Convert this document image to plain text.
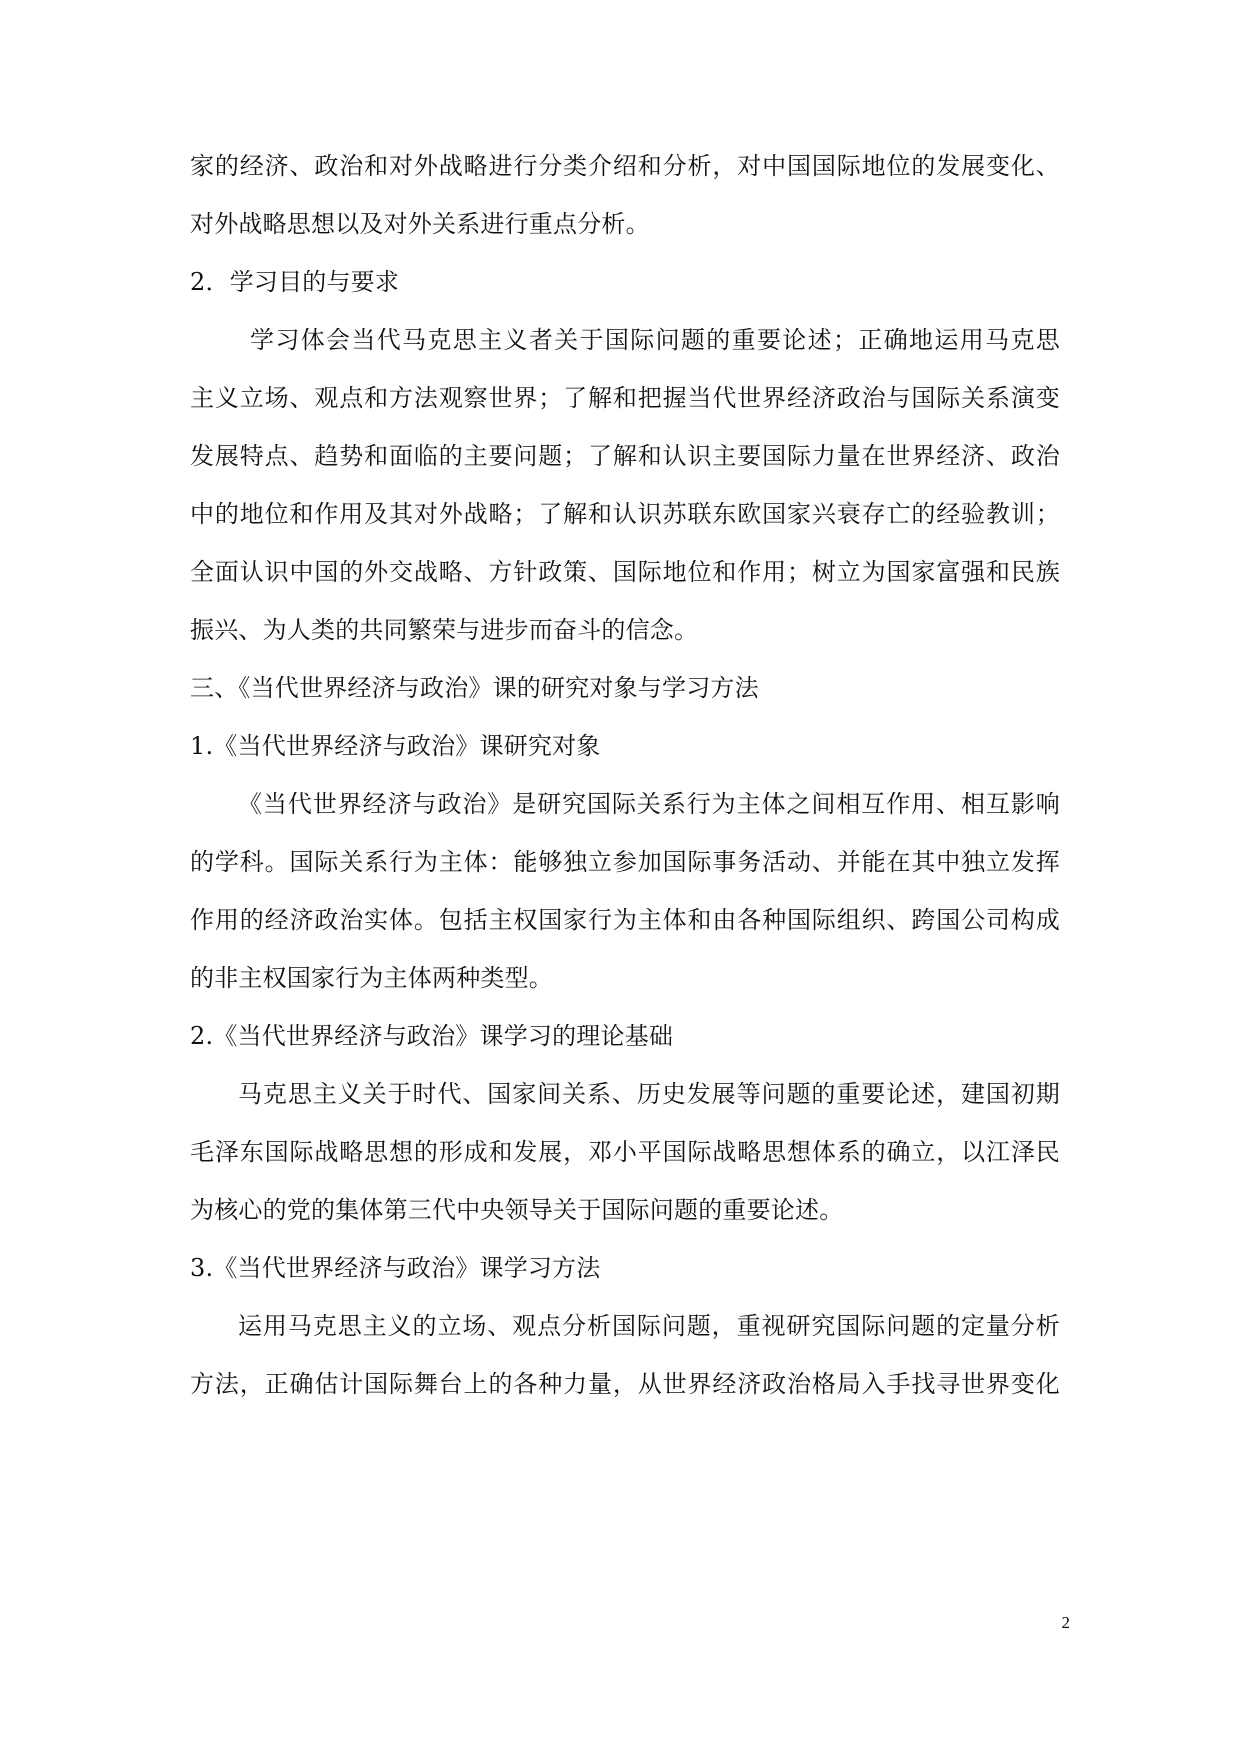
家的经济、政治和对外战略进行分类介绍和分析，对中国国际地位的发展变化、
对外战略思想以及对外关系进行重点分析。
2．学习目的与要求
学习体会当代马克思主义者关于国际问题的重要论述；正确地运用马克思
主义立场、观点和方法观察世界；了解和把握当代世界经济政治与国际关系演变
发展特点、趋势和面临的主要问题；了解和认识主要国际力量在世界经济、政治
中的地位和作用及其对外战略；了解和认识苏联东欧国家兴衰存亡的经验教训；
全面认识中国的外交战略、方针政策、国际地位和作用；树立为国家富强和民族
振兴、为人类的共同繁荣与进步而奋斗的信念。
三、《当代世界经济与政治》课的研究对象与学习方法
1.《当代世界经济与政治》课研究对象
《当代世界经济与政治》是研究国际关系行为主体之间相互作用、相互影响
的学科。国际关系行为主体：能够独立参加国际事务活动、并能在其中独立发挥
作用的经济政治实体。包括主权国家行为主体和由各种国际组织、跨国公司构成
的非主权国家行为主体两种类型。
2.《当代世界经济与政治》课学习的理论基础
马克思主义关于时代、国家间关系、历史发展等问题的重要论述，建国初期
毛泽东国际战略思想的形成和发展，邓小平国际战略思想体系的确立，以江泽民
为核心的党的集体第三代中央领导关于国际问题的重要论述。
3.《当代世界经济与政治》课学习方法
运用马克思主义的立场、观点分析国际问题，重视研究国际问题的定量分析
方法，正确估计国际舞台上的各种力量，从世界经济政治格局入手找寻世界变化
2
